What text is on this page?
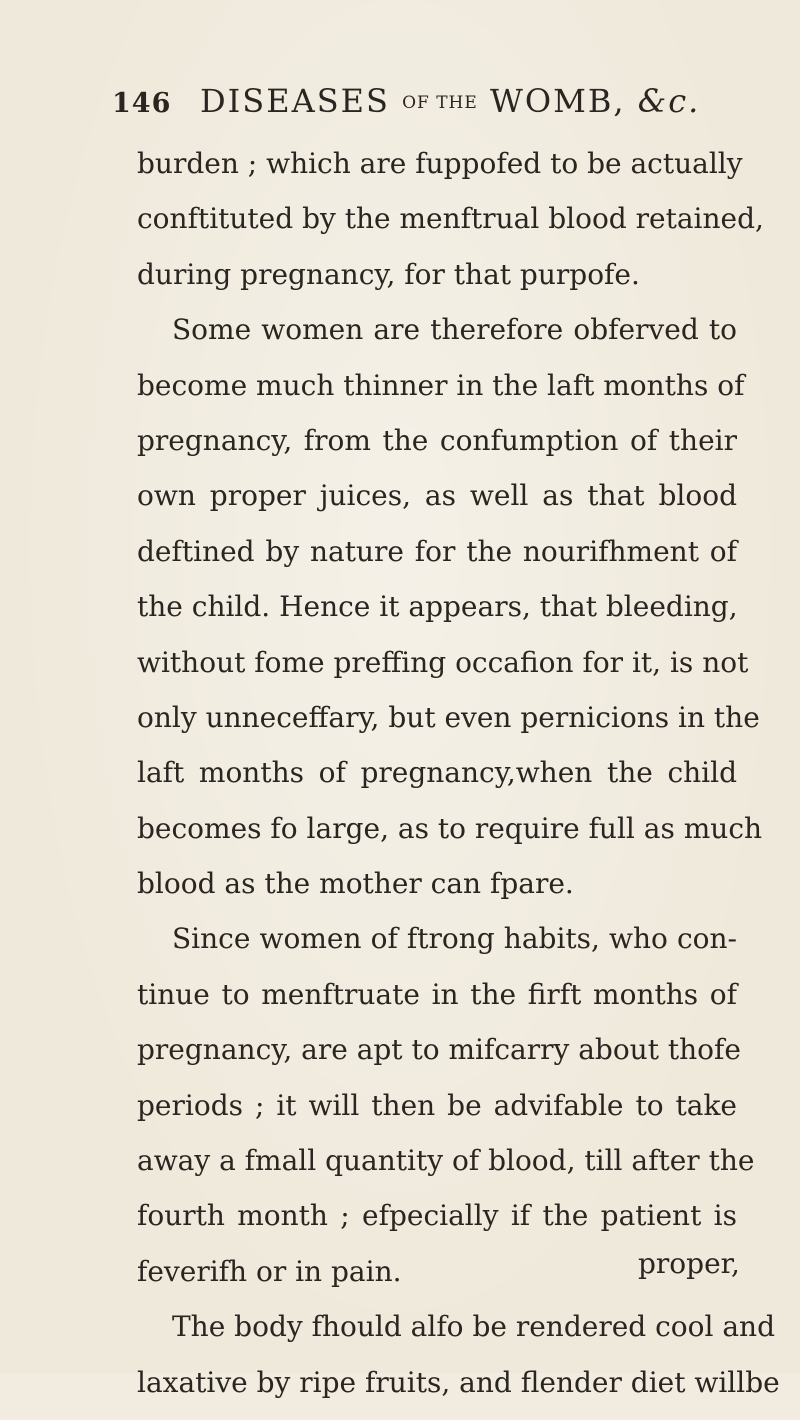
146 DISEASES OF THE WOMB, &c.
burden ; which are fuppofed to be actually
conftituted by the menftrual blood retained,
during pregnancy, for that purpofe.
Some women are therefore obferved to
become much thinner in the laft months of
pregnancy, from the confumption of their
own proper juices, as well as that blood
deftined by nature for the nourifhment of
the child. Hence it appears, that bleeding,
without fome preffing occafion for it, is not
only unneceffary, but even pernicions in the
laft months of pregnancy,when the child
becomes fo large, as to require full as much
blood as the mother can fpare.
Since women of ftrong habits, who con-
tinue to menftruate in the firft months of
pregnancy, are apt to mifcarry about thofe
periods ; it will then be advifable to take
away a fmall quantity of blood, till after the
fourth month ; efpecially if the patient is
feverifh or in pain.
The body fhould alfo be rendered cool and
laxative by ripe fruits, and flender diet willbe
proper,
